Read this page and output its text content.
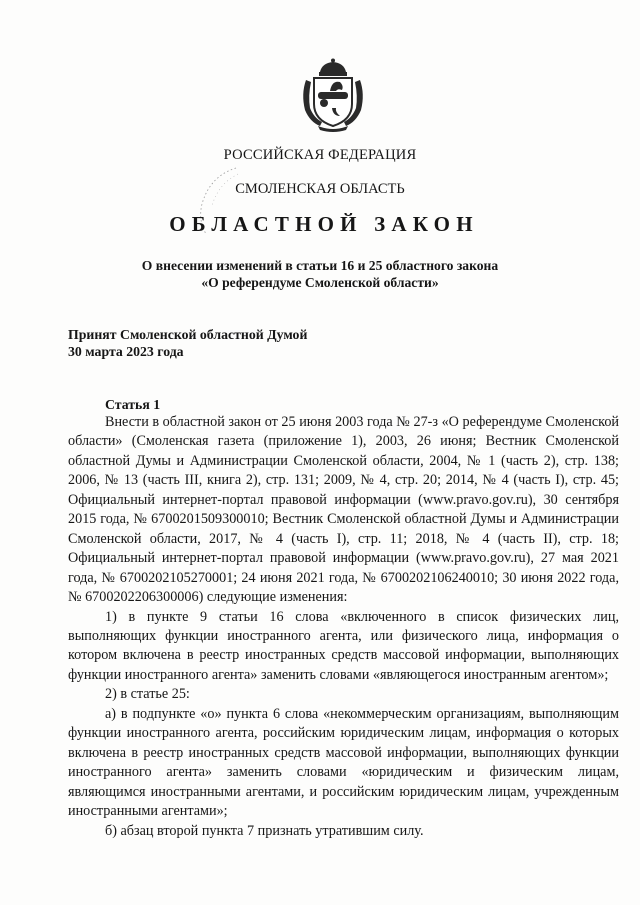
РОССИЙСКАЯ ФЕДЕРАЦИЯ
СМОЛЕНСКАЯ ОБЛАСТЬ
ОБЛАСТНОЙ ЗАКОН
О внесении изменений в статьи 16 и 25 областного закона
«О референдуме Смоленской области»
Принят Смоленской областной Думой
30 марта 2023 года
Статья 1

Внести в областной закон от 25 июня 2003 года № 27-з «О референдуме Смоленской области» (Смоленская газета (приложение 1), 2003, 26 июня; Вестник Смоленской областной Думы и Администрации Смоленской области, 2004, № 1 (часть 2), стр. 138; 2006, № 13 (часть III, книга 2), стр. 131; 2009, № 4, стр. 20; 2014, № 4 (часть I), стр. 45; Официальный интернет-портал правовой информации (www.pravo.gov.ru), 30 сентября 2015 года, № 6700201509300010; Вестник Смоленской областной Думы и Администрации Смоленской области, 2017, № 4 (часть I), стр. 11; 2018, № 4 (часть II), стр. 18; Официальный интернет-портал правовой информации (www.pravo.gov.ru), 27 мая 2021 года, № 6700202105270001; 24 июня 2021 года, № 6700202106240010; 30 июня 2022 года, № 6700202206300006) следующие изменения:

1) в пункте 9 статьи 16 слова «включенного в список физических лиц, выполняющих функции иностранного агента, или физического лица, информация о котором включена в реестр иностранных средств массовой информации, выполняющих функции иностранного агента» заменить словами «являющегося иностранным агентом»;

2) в статье 25:

а) в подпункте «о» пункта 6 слова «некоммерческим организациям, выполняющим функции иностранного агента, российским юридическим лицам, информация о которых включена в реестр иностранных средств массовой информации, выполняющих функции иностранного агента» заменить словами «юридическим и физическим лицам, являющимся иностранными агентами, и российским юридическим лицам, учрежденным иностранными агентами»;

б) абзац второй пункта 7 признать утратившим силу.
